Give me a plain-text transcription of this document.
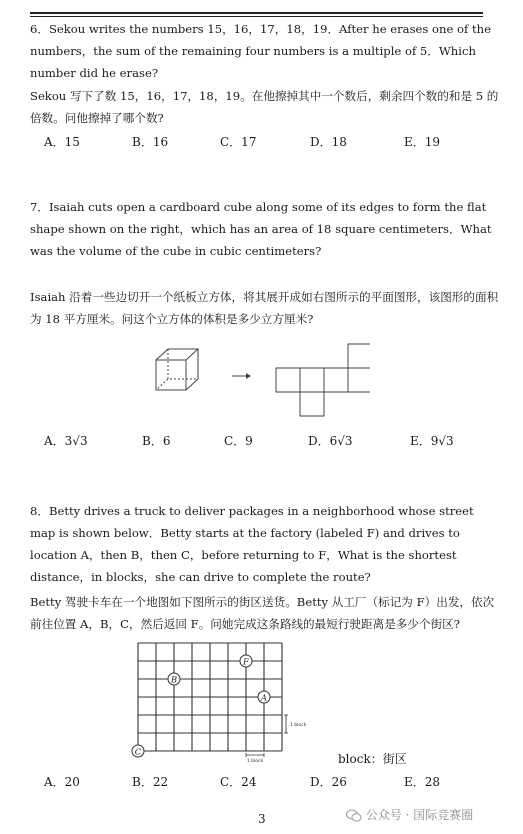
6．Sekou writes the numbers 15，16，17，18，19．After he erases one of the numbers，the sum of the remaining four numbers is a multiple of 5．Which number did he erase?
Sekou 写下了数 15，16，17，18，19。在他擦掉其中一个数后，剩余四个数的和是 5 的倍数。问他擦掉了哪个数?
A．15	B．16	C．17	D．18	E．19
7．Isaiah cuts open a cardboard cube along some of its edges to form the flat shape shown on the right，which has an area of 18 square centimeters．What was the volume of the cube in cubic centimeters?
Isaiah 沿着一些边切开一个纸板立方体，将其展开成如右图所示的平面图形，该图形的面积为 18 平方厘米。问这个立方体的体积是多少立方厘米?
A．3√3	B．6	C．9	D．6√3	E．9√3
8．Betty drives a truck to deliver packages in a neighborhood whose street map is shown below．Betty starts at the factory (labeled F) and drives to location A，then B，then C，before returning to F，What is the shortest distance，in blocks，she can drive to complete the route?
Betty 驾驶卡车在一个地图如下图所示的街区送货。Betty 从工厂（标记为 F）出发，依次前往位置 A，B，C，然后返回 F。问她完成这条路线的最短行驶距离是多少个街区?
F
B
A
C
1 block
1 block	block：街区
A．20	B．22	C．24	D．26	E．28
3	公众号 · 国际竞赛圈
